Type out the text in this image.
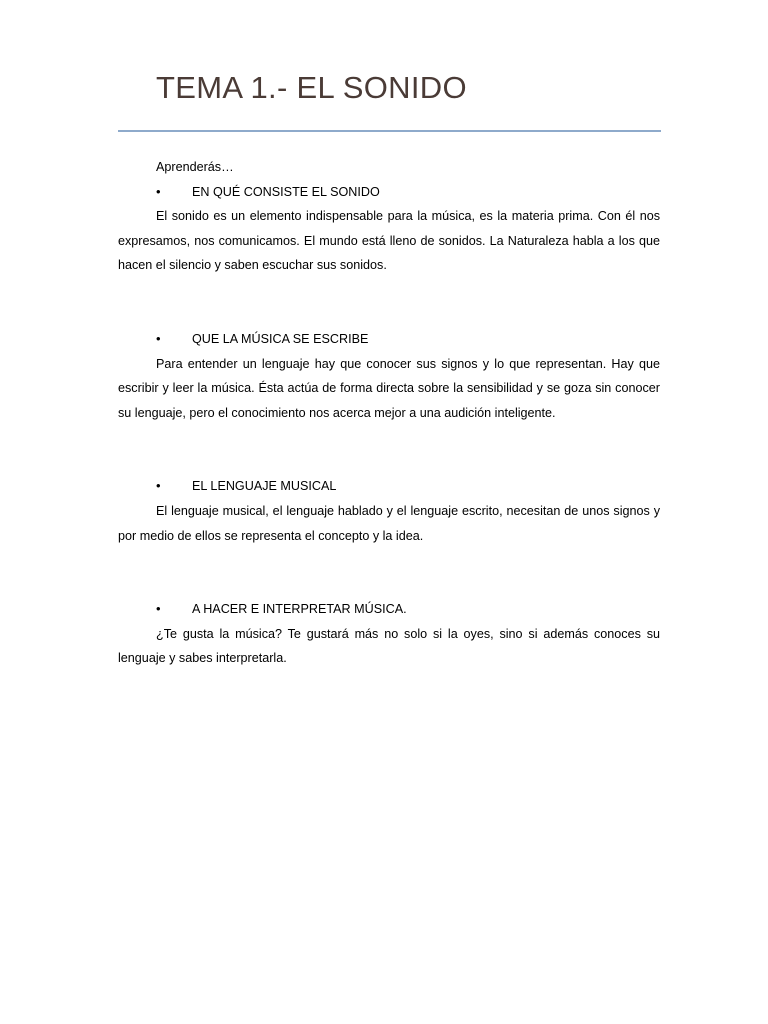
TEMA 1.- EL SONIDO

Aprenderás…

• EN QUÉ CONSISTE EL SONIDO

El sonido es un elemento indispensable para la música, es la materia prima. Con él nos expresamos, nos comunicamos. El mundo está lleno de sonidos. La Naturaleza habla a los que hacen el silencio y saben escuchar sus sonidos.

• QUE LA MÚSICA SE ESCRIBE

Para entender un lenguaje hay que conocer sus signos y lo que representan. Hay que escribir y leer la música. Ésta actúa de forma directa sobre la sensibilidad y se goza sin conocer su lenguaje, pero el conocimiento nos acerca mejor a una audición inteligente.

• EL LENGUAJE MUSICAL

El lenguaje musical, el lenguaje hablado y el lenguaje escrito, necesitan de unos signos y por medio de ellos se representa el concepto y la idea.

• A HACER E INTERPRETAR MÚSICA.

¿Te gusta la música? Te gustará más no solo si la oyes, sino si además conoces su lenguaje y sabes interpretarla.
